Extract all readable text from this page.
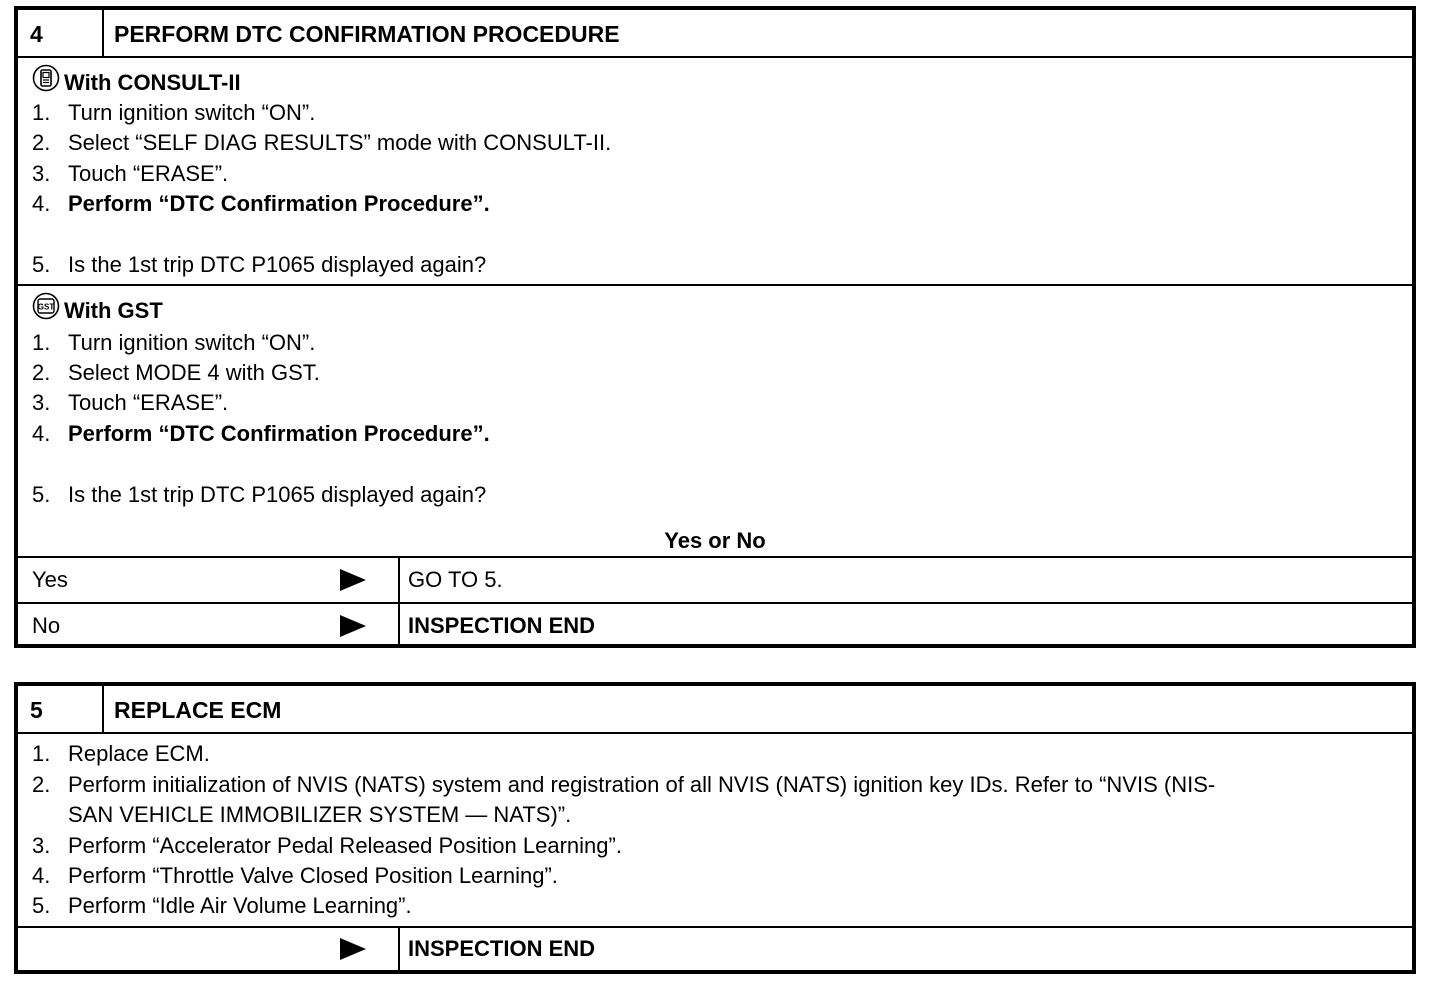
4	PERFORM DTC CONFIRMATION PROCEDURE
With CONSULT-II
1. Turn ignition switch “ON”.
2. Select “SELF DIAG RESULTS” mode with CONSULT-II.
3. Touch “ERASE”.
4. Perform “DTC Confirmation Procedure”.
5. Is the 1st trip DTC P1065 displayed again?
GST With GST
1. Turn ignition switch “ON”.
2. Select MODE 4 with GST.
3. Touch “ERASE”.
4. Perform “DTC Confirmation Procedure”.
5. Is the 1st trip DTC P1065 displayed again?
Yes or No
Yes	GO TO 5.
No	INSPECTION END
5	REPLACE ECM
1. Replace ECM.
2. Perform initialization of NVIS (NATS) system and registration of all NVIS (NATS) ignition key IDs. Refer to “NVIS (NIS-
SAN VEHICLE IMMOBILIZER SYSTEM — NATS)”.
3. Perform “Accelerator Pedal Released Position Learning”.
4. Perform “Throttle Valve Closed Position Learning”.
5. Perform “Idle Air Volume Learning”.
INSPECTION END
